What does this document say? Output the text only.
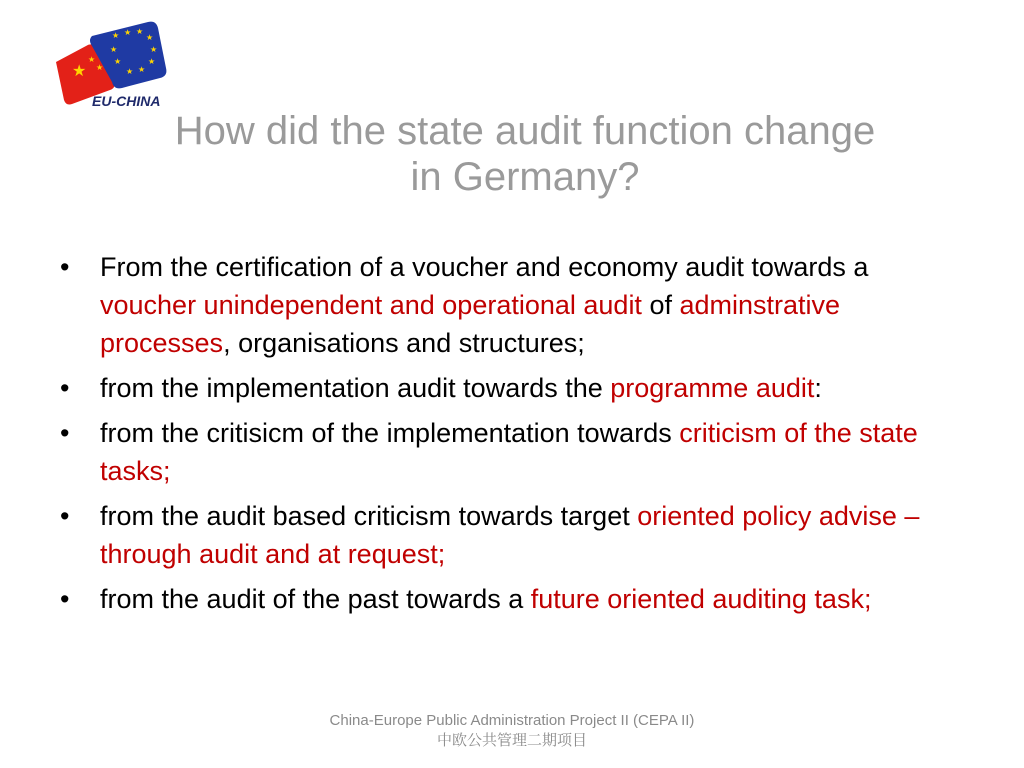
★
★
★
★ ★ ★
★
★
★
★
★
★
★
EU-CHINA
How did the state audit function change
in Germany?
• From the certification of a voucher and economy audit towards a voucher unindependent and operational audit of adminstrative processes, organisations and structures;
• from the implementation audit towards the programme audit:
• from the critisicm of the implementation towards criticism of the state tasks;
• from the audit based criticism towards target oriented policy advise – through audit and at request;
• from the audit of the past towards a future oriented auditing task;
China-Europe Public Administration Project II (CEPA II)
中欧公共管理二期项目
